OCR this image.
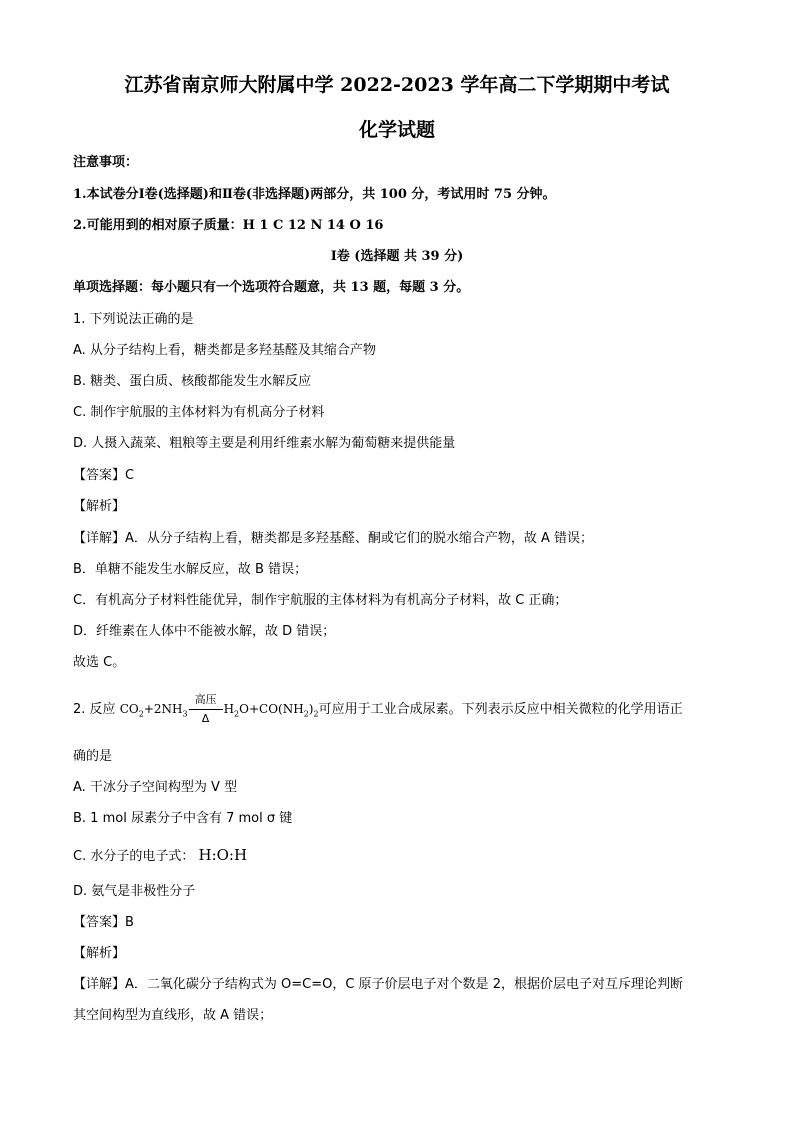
江苏省南京师大附属中学 2022-2023 学年高二下学期期中考试
化学试题
注意事项：
1.本试卷分Ⅰ卷(选择题)和Ⅱ卷(非选择题)两部分，共 100 分，考试用时 75 分钟。
2.可能用到的相对原子质量：H 1 C 12 N 14 O 16
Ⅰ卷 (选择题 共 39 分)
单项选择题：每小题只有一个选项符合题意，共 13 题，每题 3 分。
1. 下列说法正确的是
A. 从分子结构上看，糖类都是多羟基醛及其缩合产物
B. 糖类、蛋白质、核酸都能发生水解反应
C. 制作宇航服的主体材料为有机高分子材料
D. 人摄入蔬菜、粗粮等主要是利用纤维素水解为葡萄糖来提供能量
【答案】C
【解析】
【详解】A．从分子结构上看，糖类都是多羟基醛、酮或它们的脱水缩合产物，故 A 错误；
B．单糖不能发生水解反应，故 B 错误；
C．有机高分子材料性能优异，制作宇航服的主体材料为有机高分子材料，故 C 正确；
D．纤维素在人体中不能被水解，故 D 错误；
故选 C。
2. 反应 $CO_2+2NH_3$
高压
Δ
$H_2O+CO(NH_2)_2$可应用于工业合成尿素。下列表示反应中相关微粒的化学用语正
确的是
A. 干冰分子空间构型为 V 型
B. 1 mol 尿素分子中含有 7 mol σ 键
C. 水分子的电子式： H:O:H
D. 氨气是非极性分子
【答案】B
【解析】
【详解】A．二氧化碳分子结构式为 O=C=O，C 原子价层电子对个数是 2，根据价层电子对互斥理论判断
其空间构型为直线形，故 A 错误；
